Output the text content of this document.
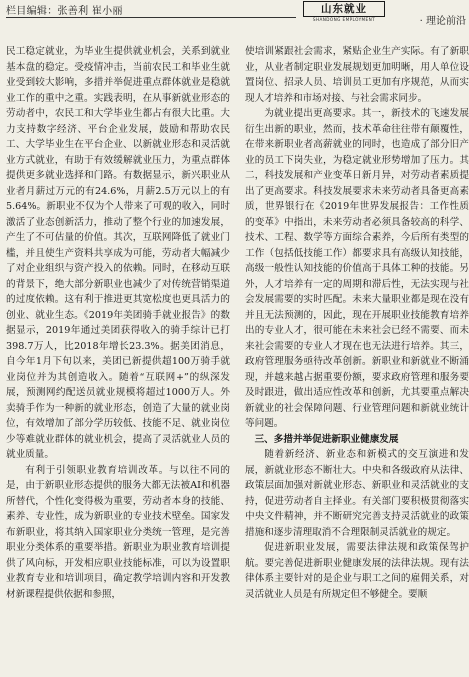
栏目编辑：张善利 崔小丽	山东就业
SHANDONG EMPLOYMENT	· 理论前沿

民工稳定就业，为毕业生提供就业机会，关系到就业基本盘的稳定。受疫情冲击，当前农民工和毕业生就业受到较大影响，多措并举促进重点群体就业是稳就业工作的重中之重。实践表明，在从事新就业形态的劳动者中，农民工和大学毕业生都占有很大比重。大力支持数字经济、平台企业发展，鼓励和帮助农民工、大学毕业生在平台企业、以新就业形态和灵活就业方式就业，有助于有效缓解就业压力，为重点群体提供更多就业选择和门路。有数据显示，新兴职业从业者月薪过万元的有24.6%，月薪2.5万元以上的有5.64%。新职业不仅为个人带来了可观的收入，同时激活了业态创新活力，推动了整个行业的加速发展，产生了不可估量的价值。其次，互联网降低了就业门槛，并且使生产资料共享成为可能，劳动者大幅减少了对企业组织与资产投入的依赖。同时，在移动互联的背景下，绝大部分新职业也减少了对传统营销渠道的过度依赖。这有利于推进更其宽松度也更具活力的创业、就业生态。《2019年美团骑手就业报告》的数据显示，2019年通过美团获得收入的骑手综计已打398.7万人，比2018年增长23.3%。据美团消息，自今年1月下旬以来，美团已新提供超100万骑手就业岗位并为其创造收入。随着“互联网+”的纵深发展，预测网约配送员就业规模将超过1000万人。外卖骑手作为一种新的就业形态，创造了大量的就业岗位，有效增加了部分学历较低、技能不足、就业岗位少等难就业群体的就业机会，提高了灵活就业人员的就业质量。

有利于引领职业教育培训改革。与以往不同的是，由于新职业形态提供的服务大都无法被AI和机器所替代，个性化变得极为重要，劳动者本身的技能、素养、专业性，成为新职业的专业技术壁垒。国家发布新职业，将其纳入国家职业分类统一管理，是完善职业分类体系的重要举措。新职业为职业教育培训提供了风向标，开发相应职业技能标准，可以为设置职业教育专业和培训项目，确定教学培训内容和开发教材新课程提供依据和参照，

使培训紧跟社会需求，紧贴企业生产实际。有了新职业，从业者制定职业发展规划更加明晰，用人单位设置岗位、招录人员、培训员工更加有序规范，从而实现人才培养和市场对接、与社会需求同步。

为就业提出更高要求。其一，新技术的飞速发展衍生出新的职业，然而，技术革命往往带有颠覆性，在带来新职业者高薪就业的同时，也造成了部分旧产业的员工下岗失业，为稳定就业形势增加了压力。其二，科技发展和产业变革日新月异，对劳动者素质提出了更高要求。科技发展要求未来劳动者具备更高素质，世界银行在《2019年世界发展报告：工作性质的变革》中指出，未来劳动者必须具备较高的科学、技术、工程、数学等方面综合素养，今后所有类型的工作（包括低技能工作）都要求具有高级认知技能，高级一般性认知技能的价值高于具体工种的技能。另外，人才培养有一定的周期和滞后性，无法实现与社会发展需要的实时匹配。未来大量职业都是现在没有并且无法预测的，因此，现在开展职业技能教育培养出的专业人才，很可能在未来社会已经不需要、而未来社会需要的专业人才现在也无法进行培养。其三，政府管理服务亟待改革创新。新职业和新就业不断涌现，并越来越占据重要份额，要求政府管理和服务要及时跟进，做出适应性改革和创新，尤其要重点解决新就业的社会保障问题、行业管理问题和新就业统计等问题。

三、多措并举促进新职业健康发展

随着新经济、新业态和新模式的交互演进和发展，新就业形态不断壮大。中央和各级政府从法律、政策层面加强对新就业形态、新职业和灵活就业的支持，促进劳动者自主择业。有关部门要积极贯彻落实中央文件精神，并不断研究完善支持灵活就业的政策措施和逐步清理取消不合理限制灵活就业的规定。

促进新职业发展，需要法律法规和政策保驾护航。要完善促进新职业健康发展的法律法规。现有法律体系主要针对的是企业与职工之间的雇佣关系，对灵活就业人员是有所规定但不够健全。要顺
